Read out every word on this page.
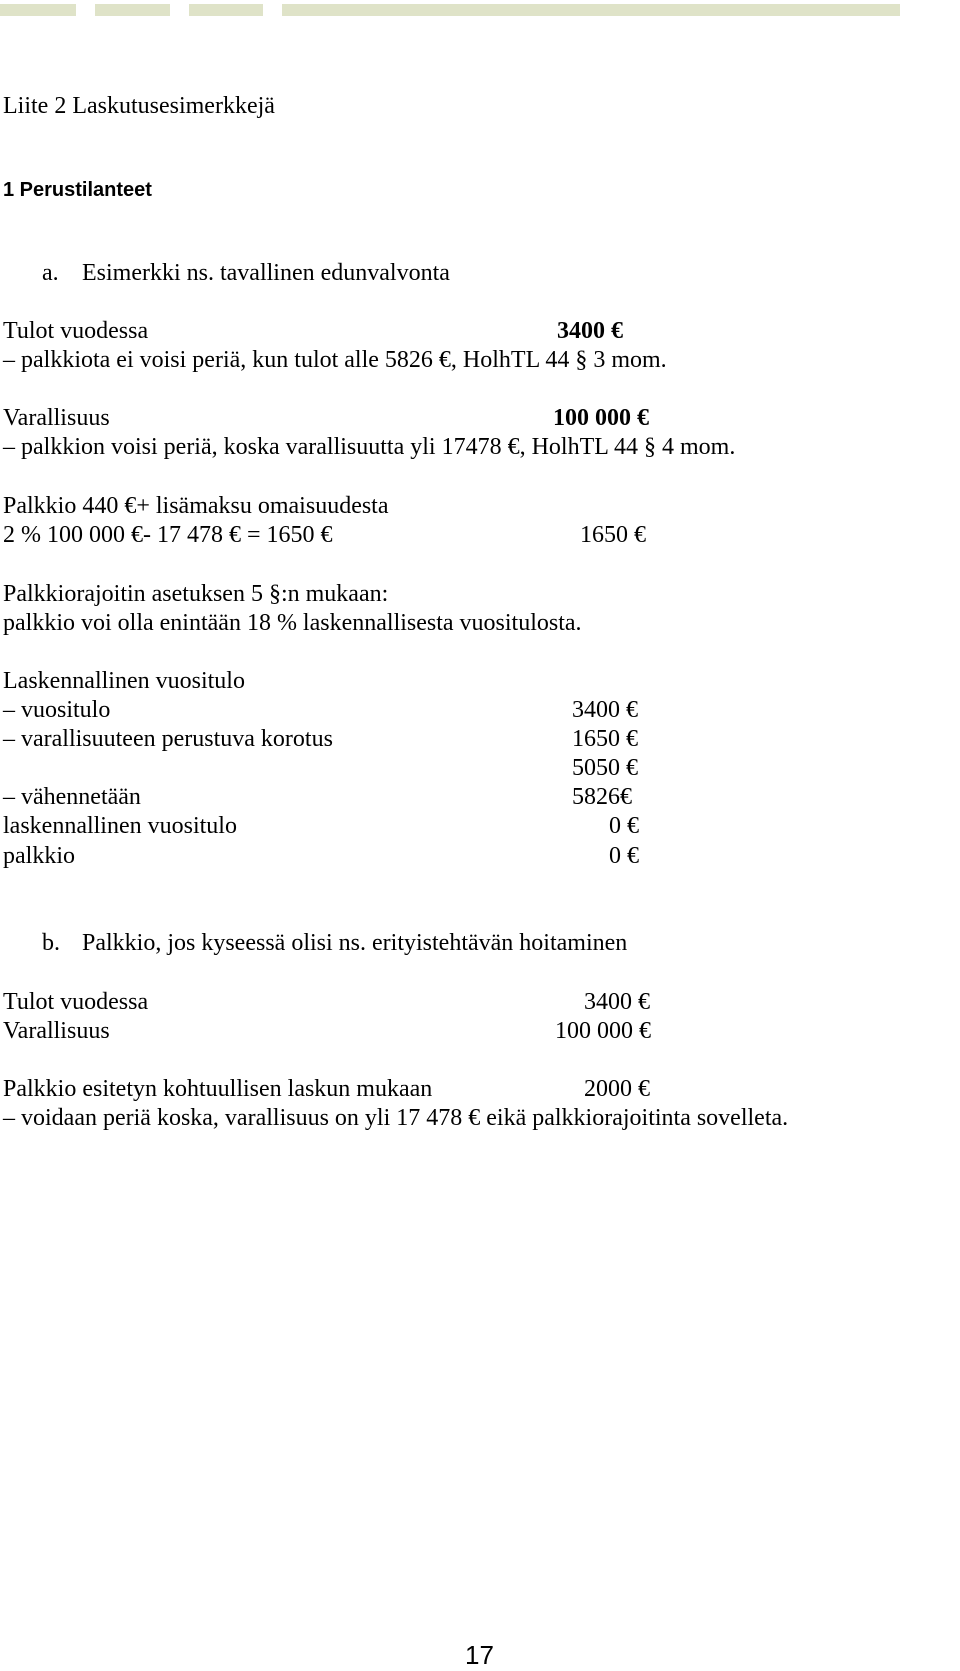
Liite 2 Laskutusesimerkkejä
1 Perustilanteet
a. Esimerkki ns. tavallinen edunvalvonta
Tulot vuodessa	3400 €
– palkkiota ei voisi periä, kun tulot alle 5826 €, HolhTL 44 § 3 mom.
Varallisuus	100 000 €
– palkkion voisi periä, koska varallisuutta yli 17478 €, HolhTL 44 § 4 mom.
Palkkio 440 €+ lisämaksu omaisuudesta
2 % 100 000 €- 17 478 € = 1650 €	1650 €
Palkkiorajoitin asetuksen 5 §:n mukaan:
palkkio voi olla enintään 18 % laskennallisesta vuositulosta.
Laskennallinen vuositulo
– vuositulo	3400 €
– varallisuuteen perustuva korotus	1650 €
5050 €
– vähennetään	5826€
laskennallinen vuositulo	0 €
palkkio	0 €
b. Palkkio, jos kyseessä olisi ns. erityistehtävän hoitaminen
Tulot vuodessa	3400 €
Varallisuus	100 000 €
Palkkio esitetyn kohtuullisen laskun mukaan	2000 €
– voidaan periä koska, varallisuus on yli 17 478 € eikä palkkiorajoitinta sovelleta.
17
